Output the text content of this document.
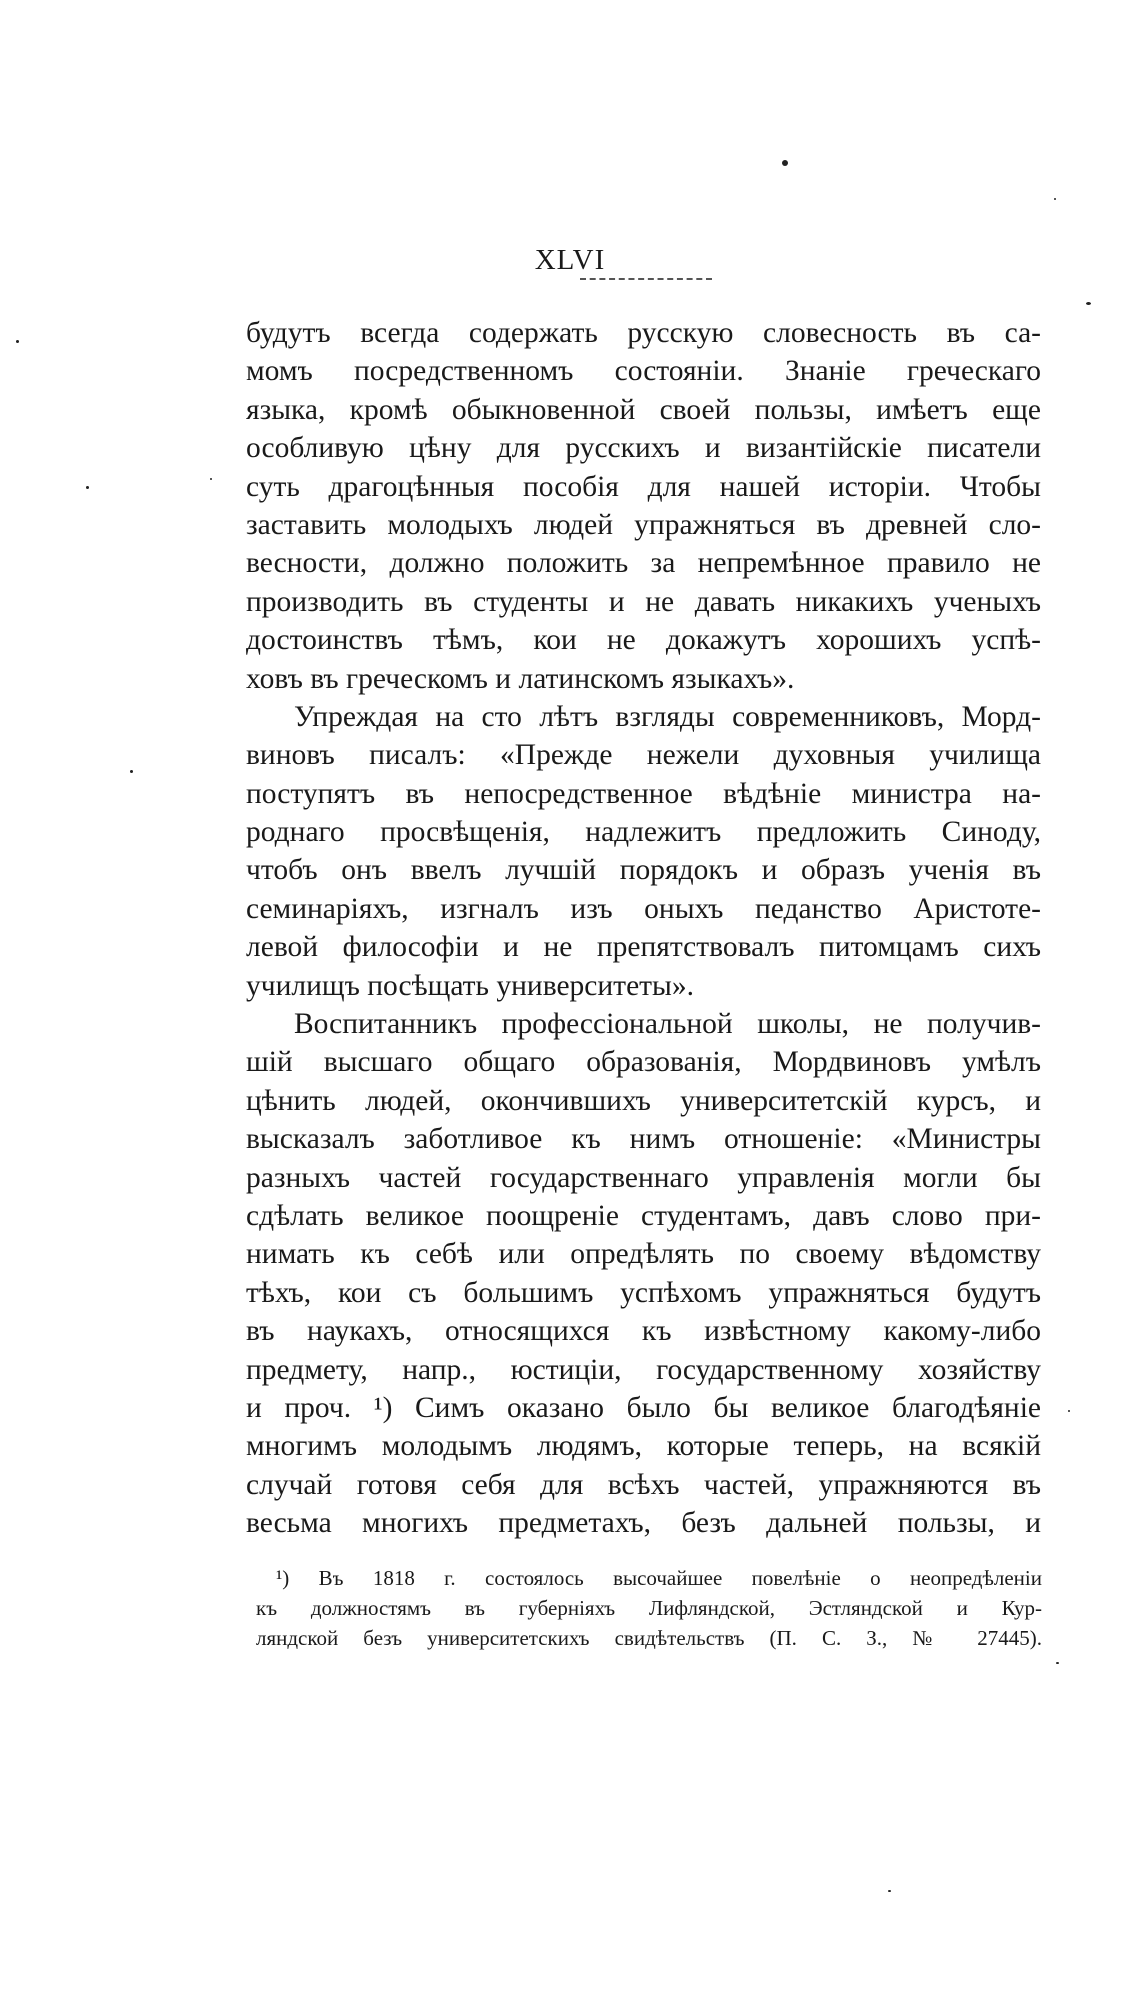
XLVI
будутъ всегда содержать русскую словесность въ са-
момъ посредственномъ состояніи. Знаніе греческаго
языка, кромѣ обыкновенной своей пользы, имѣетъ еще
особливую цѣну для русскихъ и византійскіе писатели
суть драгоцѣнныя пособія для нашей исторіи. Чтобы
заставить молодыхъ людей упражняться въ древней сло-
весности, должно положить за непремѣнное правило не
производить въ студенты и не давать никакихъ ученыхъ
достоинствъ тѣмъ, кои не докажутъ хорошихъ успѣ-
ховъ въ греческомъ и латинскомъ языкахъ».
Упреждая на сто лѣтъ взгляды современниковъ, Морд-
виновъ писалъ: «Прежде нежели духовныя училища
поступятъ въ непосредственное вѣдѣніе министра на-
роднаго просвѣщенія, надлежитъ предложить Синоду,
чтобъ онъ ввелъ лучшій порядокъ и образъ ученія въ
семинаріяхъ, изгналъ изъ оныхъ педанство Аристоте-
левой философіи и не препятствовалъ питомцамъ сихъ
училищъ посѣщать университеты».
Воспитанникъ профессіональной школы, не получив-
шій высшаго общаго образованія, Мордвиновъ умѣлъ
цѣнить людей, окончившихъ университетскій курсъ, и
высказалъ заботливое къ нимъ отношеніе: «Министры
разныхъ частей государственнаго управленія могли бы
сдѣлать великое поощреніе студентамъ, давъ слово при-
нимать къ себѣ или опредѣлять по своему вѣдомству
тѣхъ, кои съ большимъ успѣхомъ упражняться будутъ
въ наукахъ, относящихся къ извѣстному какому-либо
предмету, напр., юстиціи, государственному хозяйству
и проч. ¹) Симъ оказано было бы великое благодѣяніе
многимъ молодымъ людямъ, которые теперь, на всякій
случай готовя себя для всѣхъ частей, упражняются въ
весьма многихъ предметахъ, безъ дальней пользы, и
¹) Въ 1818 г. состоялось высочайшее повелѣніе о неопредѣленіи
къ должностямъ въ губерніяхъ Лифляндской, Эстляндской и Кур-
ляндской безъ университетскихъ свидѣтельствъ (П. С. З., № 27445).
